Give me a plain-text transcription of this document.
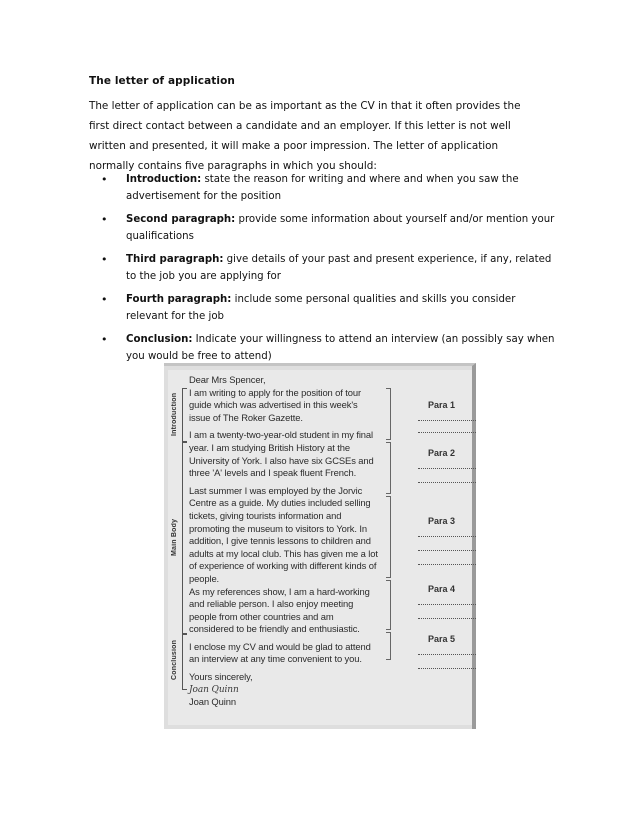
The letter of application

The letter of application can be as important as the CV in that it often provides the first direct contact between a candidate and an employer. If this letter is not well written and presented, it will make a poor impression. The letter of application normally contains five paragraphs in which you should:

• Introduction: state the reason for writing and where and when you saw the advertisement for the position
• Second paragraph: provide some information about yourself and/or mention your qualifications
• Third paragraph: give details of your past and present experience, if any, related to the job you are applying for
• Fourth paragraph: include some personal qualities and skills you consider relevant for the job
• Conclusion: Indicate your willingness to attend an interview (an possibly say when you would be free to attend)
Introduction
Main Body
Conclusion

Dear Mrs Spencer,

I am writing to apply for the position of tour guide which was advertised in this week's issue of The Roker Gazette.

I am a twenty-two-year-old student in my final year. I am studying British History at the University of York. I also have six GCSEs and three 'A' levels and I speak fluent French.

Last summer I was employed by the Jorvic Centre as a guide. My duties included selling tickets, giving tourists information and promoting the museum to visitors to York. In addition, I give tennis lessons to children and adults at my local club. This has given me a lot of experience of working with different kinds of people.

As my references show, I am a hard-working and reliable person. I also enjoy meeting people from other countries and am considered to be friendly and enthusiastic.

I enclose my CV and would be glad to attend an interview at any time convenient to you.

Yours sincerely,

Joan Quinn

Joan Quinn

Para 1
Para 2
Para 3
Para 4
Para 5
